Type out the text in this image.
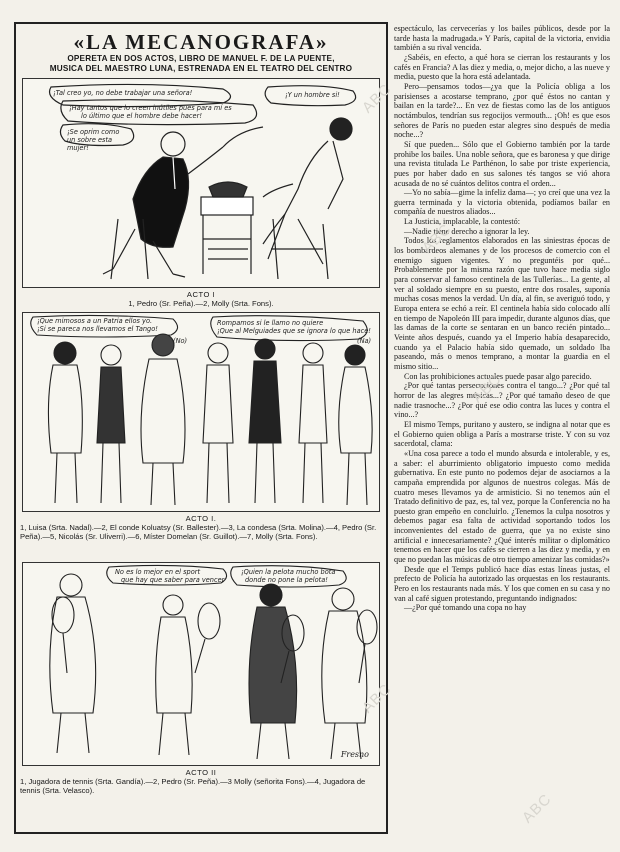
«LA MECANOGRAFA»
OPERETA EN DOS ACTOS, LIBRO DE MANUEL F. DE LA PUENTE,
MUSICA DEL MAESTRO LUNA, ESTRENADA EN EL TEATRO DEL CENTRO
¡Tal creo yo, no debe trabajar una señora!
¡Hay tantos que lo creen inútiles pues para mí es
lo último que el hombre debe hacer!
¡Se oprim como un sobre esta mujer!
¡Y un hombre si!
ACTO I
1, Pedro (Sr. Peña).—2, Molly (Srta. Fons).
¡Que mimosos a un Patria ellos yo.
¡Si se pareca nos llevamos el Tango!
(No)
Rompamos si le llamo no quiere
¡Que al Melguiades que se ignora lo que hace!
(Na)
ACTO I.
1, Luisa (Srta. Nadal).—2, El conde Koluatsy (Sr. Ballester).—3, La condesa (Srta. Molina).—4, Pedro (Sr. Peña).—5, Nicolás (Sr. Uliverri).—6, Míster Domelan (Sr. Guillot).—7, Molly (Srta. Fons).
No es lo mejor en el sport
que hay que saber para vencer
¡Quien la pelota mucho bota
donde no pone la pelota!
Fresno
ACTO II
1, Jugadora de tennis (Srta. Gandía).—2, Pedro (Sr. Peña).—3 Molly (señorita Fons).—4, Jugadora de tennis (Srta. Velasco).

espectáculo, las cervecerías y los bailes públicos, desde por la tarde hasta la madrugada.» Y París, capital de la victoria, envidia también a su rival vencida.

¿Sabéis, en efecto, a qué hora se cierran los restaurants y los cafés en Francia? A las diez y media, o, mejor dicho, a las nueve y media, puesto que la hora está adelantada.

Pero—pensamos todos—¿ya que la Policía obliga a los parisienses a acostarse temprano, ¿por qué éstos no cantan y bailan en la tarde?... En vez de fiestas como las de los antiguos noctámbulos, tendrían sus regocijos vermouth... ¡Oh! es que esos señores de París no pueden estar alegres sino después de media noche...?

Sí que pueden... Sólo que el Gobierno también por la tarde prohibe los bailes. Una noble señora, que es baronesa y que dirige una revista titulada Le Parthénon, lo sabe por triste experiencia, pues por haber dado en sus salones tés tangos se vió ahora acusada de no sé cuántos delitos contra el orden...

—Yo no sabía—gime la infeliz dama—; yo creí que una vez la guerra terminada y la victoria obtenida, podíamos bailar en compañía de nuestros aliados...

La Justicia, implacable, la contestó:

—Nadie tiene derecho a ignorar la ley.

Todos los reglamentos elaborados en las siniestras épocas de los bombardeos alemanes y de los procesos de comercio con el enemigo siguen vigentes. Y no preguntéis por qué... Probablemente por la misma razón que tuvo hace media siglo para conservar al famoso centinela de las Tullerías... La gente, al ver al soldado siempre en su puesto, entre dos rosales, suponía muchas cosas menos la verdad. Un día, al fin, se averiguó todo, y Europa entera se echó a reír. El centinela había sido colocado allí en tiempo de Napoleón III para impedir, durante algunos días, que las damas de la corte se sentaran en un banco recién pintado... Veinte años después, cuando ya el Imperio había desaparecido, cuando ya el Palacio había sido quemado, un soldado lba paseando, más o menos temprano, a montar la guardia en el mismo sitio...

Con las prohibiciones actuales puede pasar algo parecido.

¿Por qué tantas persecuciones contra el tango...? ¿Por qué tal horror de las alegres músicas...? ¿Por qué tamaño deseo de que nadie trasnoche...? ¿Por qué ese odio contra las luces y contra el vino...?

El mismo Temps, puritano y austero, se indigna al notar que es el Gobierno quien obliga a París a mostrarse triste. Y con su voz sacerdotal, clama:

«Una cosa parece a todo el mundo absurda e intolerable, y es, a saber: el aburrimiento obligatorio impuesto como medida gubernativa. En este punto no podemos dejar de asociarnos a la campaña emprendida por algunos de nuestros colegas. Más de cuatro meses llevamos ya de armisticio. Si no tenemos aún el Tratado definitivo de paz, es, tal vez, porque la Conferencia no ha puesto gran empeño en concluirlo. ¿Tenemos la culpa nosotros y debemos pagar esa falta de actividad soportando todos los inconvenientes del estado de guerra, que ya no existe sino artificial e innecesariamente? ¿Qué interés militar o diplomático tenemos en hacer que los cafés se cierren a las diez y media, y en que no puedan las músicas de otro tiempo amenizar las comidas?»

Desde que el Temps publicó hace días estas líneas justas, el prefecto de Policía ha autorizado las orquestas en los restaurants. Pero en los restaurants nada más. Y los que comen en su casa y no van al café siguen protestando, preguntando indignados:

—¿Por qué tomando una copa no hay

ABC
ABC
ABC
ABC
ABC
